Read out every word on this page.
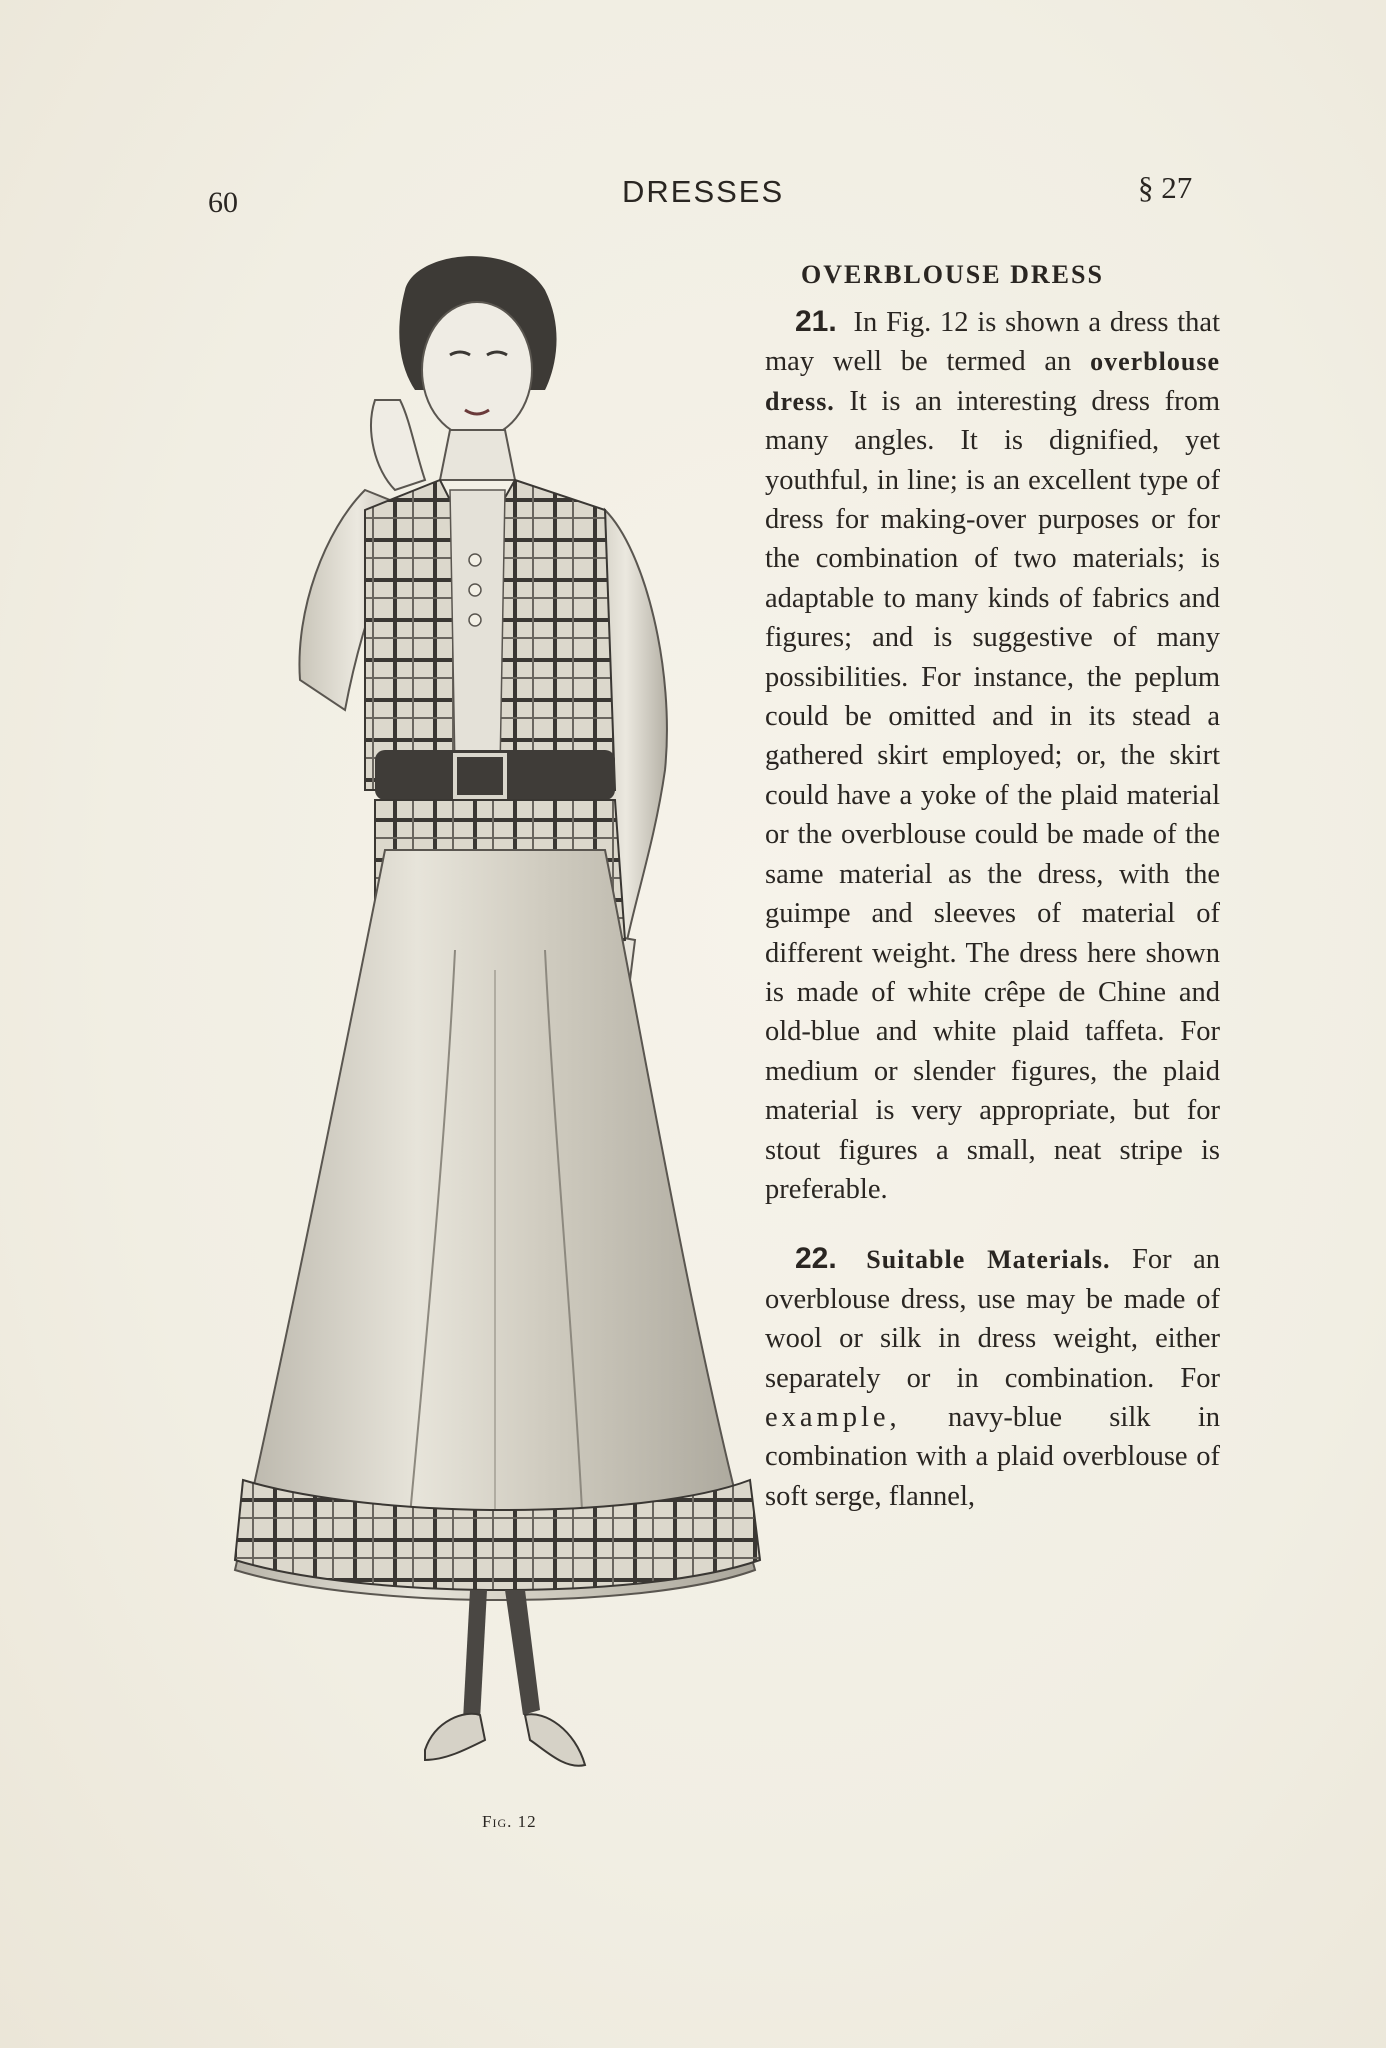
60	DRESSES	§ 27
Fig. 12
OVERBLOUSE DRESS

21. In Fig. 12 is shown a dress that may well be termed an overblouse dress. It is an interesting dress from many angles. It is dignified, yet youthful, in line; is an excellent type of dress for making-over purposes or for the combination of two materials; is adaptable to many kinds of fabrics and figures; and is suggestive of many possibilities. For instance, the peplum could be omitted and in its stead a gathered skirt employed; or, the skirt could have a yoke of the plaid material or the overblouse could be made of the same material as the dress, with the guimpe and sleeves of material of different weight. The dress here shown is made of white crêpe de Chine and old-blue and white plaid taffeta. For medium or slender figures, the plaid material is very appropriate, but for stout figures a small, neat stripe is preferable.

22. Suitable Materials. For an overblouse dress, use may be made of wool or silk in dress weight, either separately or in combination. For example, navy-blue silk in combination with a plaid overblouse of soft serge, flannel,
